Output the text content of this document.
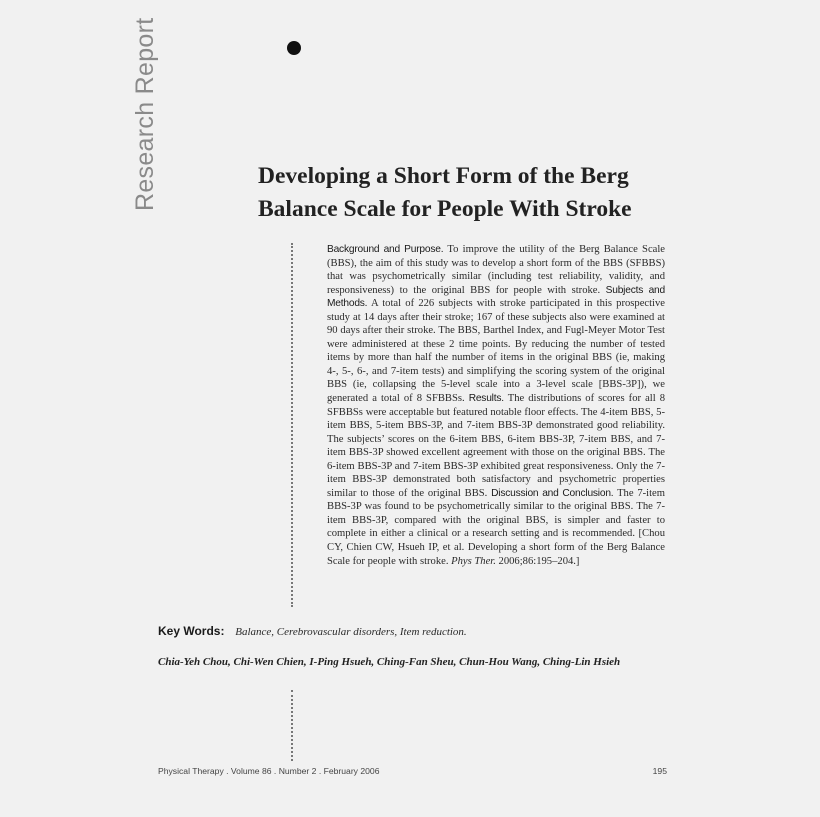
Research Report	Developing a Short Form of the Berg
Balance Scale for People With Stroke

Background and Purpose. To improve the utility of the Berg Balance Scale (BBS), the aim of this study was to develop a short form of the BBS (SFBBS) that was psychometrically similar (including test reliability, validity, and responsiveness) to the original BBS for people with stroke. Subjects and Methods. A total of 226 subjects with stroke participated in this prospective study at 14 days after their stroke; 167 of these subjects also were examined at 90 days after their stroke. The BBS, Barthel Index, and Fugl-Meyer Motor Test were administered at these 2 time points. By reducing the number of tested items by more than half the number of items in the original BBS (ie, making 4-, 5-, 6-, and 7-item tests) and simplifying the scoring system of the original BBS (ie, collapsing the 5-level scale into a 3-level scale [BBS-3P]), we generated a total of 8 SFBBSs. Results. The distributions of scores for all 8 SFBBSs were acceptable but featured notable floor effects. The 4-item BBS, 5-item BBS, 5-item BBS-3P, and 7-item BBS-3P demonstrated good reliability. The subjects’ scores on the 6-item BBS, 6-item BBS-3P, 7-item BBS, and 7-item BBS-3P showed excellent agreement with those on the original BBS. The 6-item BBS-3P and 7-item BBS-3P exhibited great responsiveness. Only the 7-item BBS-3P demonstrated both satisfactory and psychometric properties similar to those of the original BBS. Discussion and Conclusion. The 7-item BBS-3P was found to be psychometrically similar to the original BBS. The 7-item BBS-3P, compared with the original BBS, is simpler and faster to complete in either a clinical or a research setting and is recommended. [Chou CY, Chien CW, Hsueh IP, et al. Developing a short form of the Berg Balance Scale for people with stroke. Phys Ther. 2006;86:195–204.]

Key Words: Balance, Cerebrovascular disorders, Item reduction.

Chia-Yeh Chou, Chi-Wen Chien, I-Ping Hsueh, Ching-Fan Sheu, Chun-Hou Wang, Ching-Lin Hsieh

Physical Therapy . Volume 86 . Number 2 . February 2006	195
